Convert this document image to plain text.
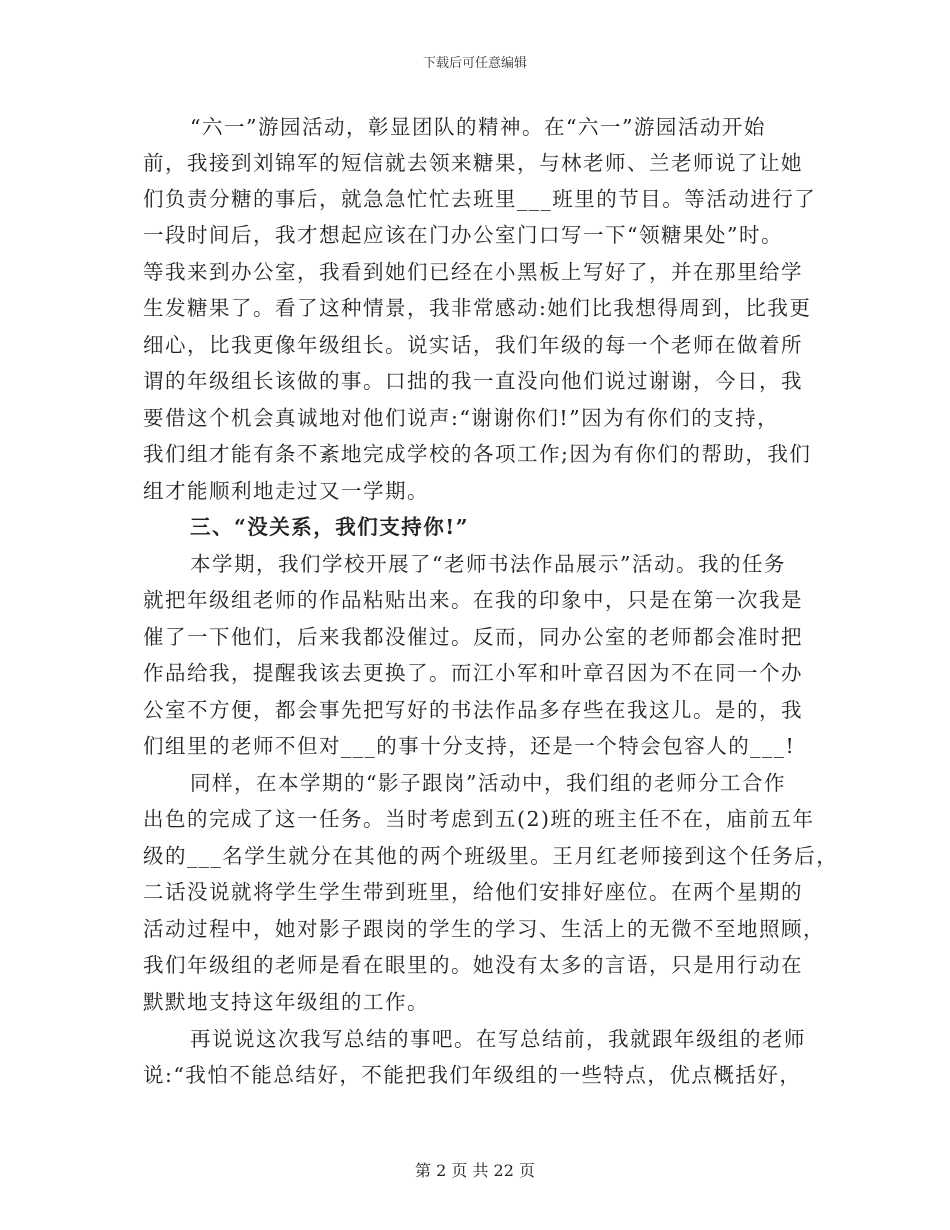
下载后可任意编辑
“六一”游园活动，彰显团队的精神。在“六一”游园活动开始
前，我接到刘锦军的短信就去领来糖果，与林老师、兰老师说了让她
们负责分糖的事后，就急急忙忙去班里___班里的节目。等活动进行了
一段时间后，我才想起应该在门办公室门口写一下“领糖果处”时。
等我来到办公室，我看到她们已经在小黑板上写好了，并在那里给学
生发糖果了。看了这种情景，我非常感动:她们比我想得周到，比我更
细心，比我更像年级组长。说实话，我们年级的每一个老师在做着所
谓的年级组长该做的事。口拙的我一直没向他们说过谢谢，今日，我
要借这个机会真诚地对他们说声:“谢谢你们!”因为有你们的支持，
我们组才能有条不紊地完成学校的各项工作;因为有你们的帮助，我们
组才能顺利地走过又一学期。
三、“没关系，我们支持你!”
本学期，我们学校开展了“老师书法作品展示”活动。我的任务
就把年级组老师的作品粘贴出来。在我的印象中，只是在第一次我是
催了一下他们，后来我都没催过。反而，同办公室的老师都会准时把
作品给我，提醒我该去更换了。而江小军和叶章召因为不在同一个办
公室不方便，都会事先把写好的书法作品多存些在我这儿。是的，我
们组里的老师不但对___的事十分支持，还是一个特会包容人的___!
同样，在本学期的“影子跟岗”活动中，我们组的老师分工合作
出色的完成了这一任务。当时考虑到五(2)班的班主任不在，庙前五年
级的___名学生就分在其他的两个班级里。王月红老师接到这个任务后，
二话没说就将学生学生带到班里，给他们安排好座位。在两个星期的
活动过程中，她对影子跟岗的学生的学习、生活上的无微不至地照顾，
我们年级组的老师是看在眼里的。她没有太多的言语，只是用行动在
默默地支持这年级组的工作。
再说说这次我写总结的事吧。在写总结前，我就跟年级组的老师
说:“我怕不能总结好，不能把我们年级组的一些特点，优点概括好，
第 2 页 共 22 页
